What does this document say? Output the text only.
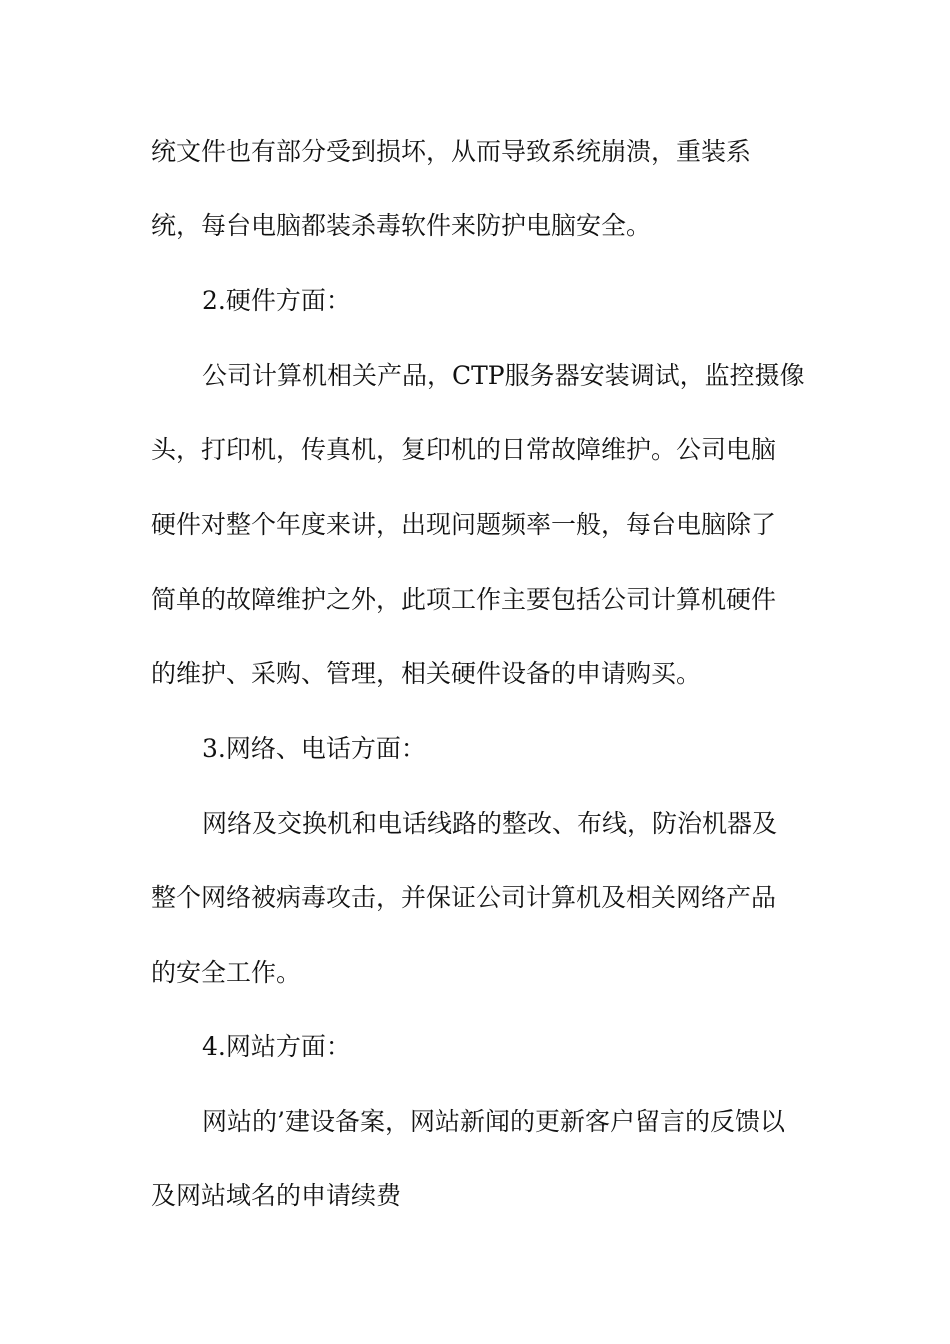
统文件也有部分受到损坏，从而导致系统崩溃，重装系
统，每台电脑都装杀毒软件来防护电脑安全。
2.硬件方面：
公司计算机相关产品，CTP服务器安装调试，监控摄像
头，打印机，传真机，复印机的日常故障维护。公司电脑
硬件对整个年度来讲，出现问题频率一般，每台电脑除了
简单的故障维护之外，此项工作主要包括公司计算机硬件
的维护、采购、管理，相关硬件设备的申请购买。
3.网络、电话方面：
网络及交换机和电话线路的整改、布线，防治机器及
整个网络被病毒攻击，并保证公司计算机及相关网络产品
的安全工作。
4.网站方面：
网站的’建设备案，网站新闻的更新客户留言的反馈以
及网站域名的申请续费
